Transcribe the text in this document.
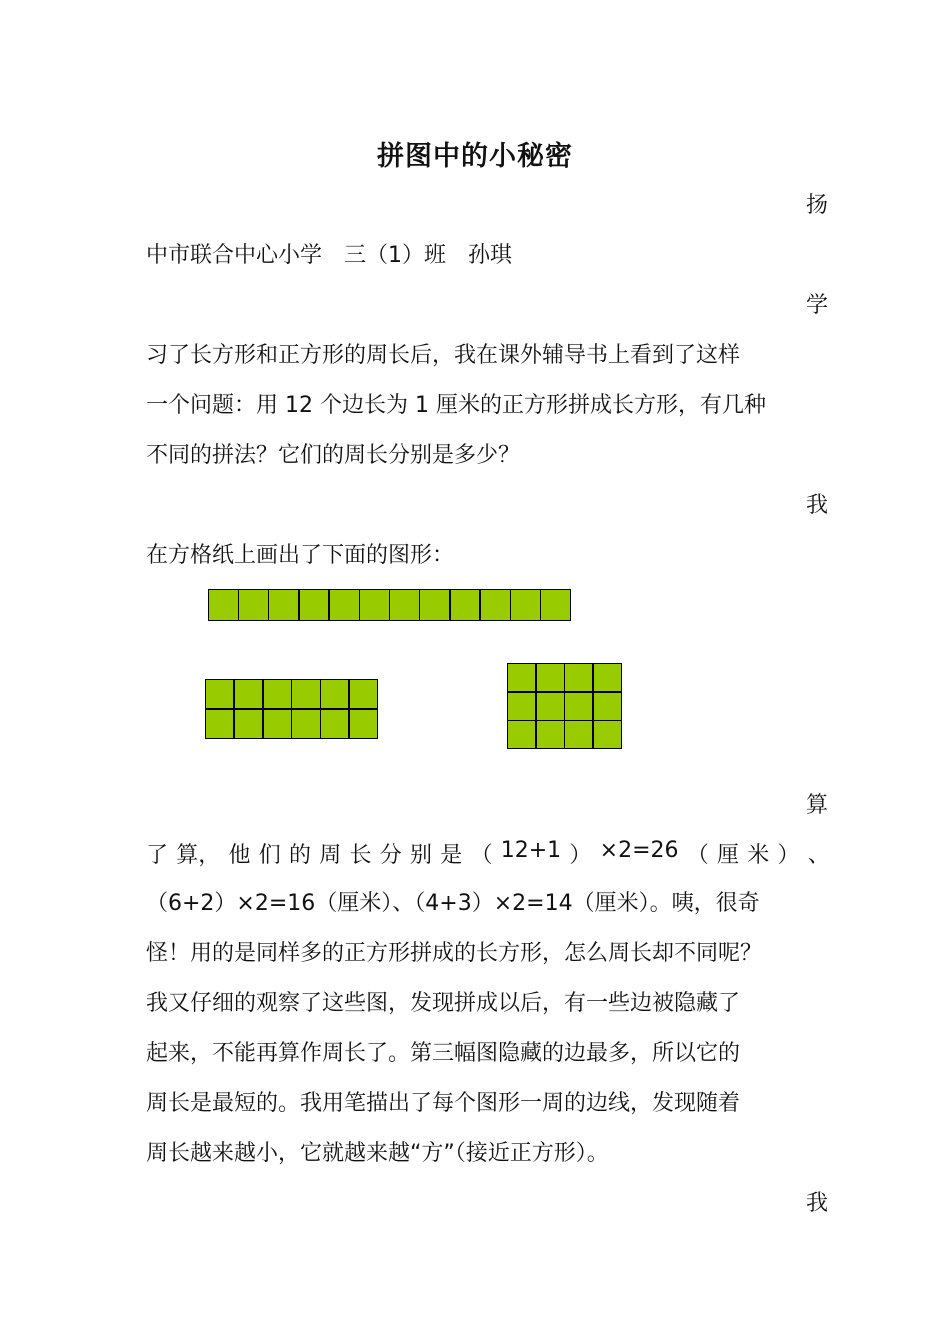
拼图中的小秘密
扬
中市联合中心小学　三（1）班　孙琪
学
习了长方形和正方形的周长后，我在课外辅导书上看到了这样
一个问题：用 12 个边长为 1 厘米的正方形拼成长方形，有几种
不同的拼法？它们的周长分别是多少？
我
在方格纸上画出了下面的图形：
算
了 算， 他 们 的 周 长 分 别 是 （ 12+1 ） ×2=26 （ 厘 米 ） 、
（6+2）×2=16（厘米）、（4+3）×2=14（厘米）。咦，很奇
怪！用的是同样多的正方形拼成的长方形，怎么周长却不同呢？
我又仔细的观察了这些图，发现拼成以后，有一些边被隐藏了
起来，不能再算作周长了。第三幅图隐藏的边最多，所以它的
周长是最短的。我用笔描出了每个图形一周的边线，发现随着
周长越来越小，它就越来越“方”（接近正方形）。
我
